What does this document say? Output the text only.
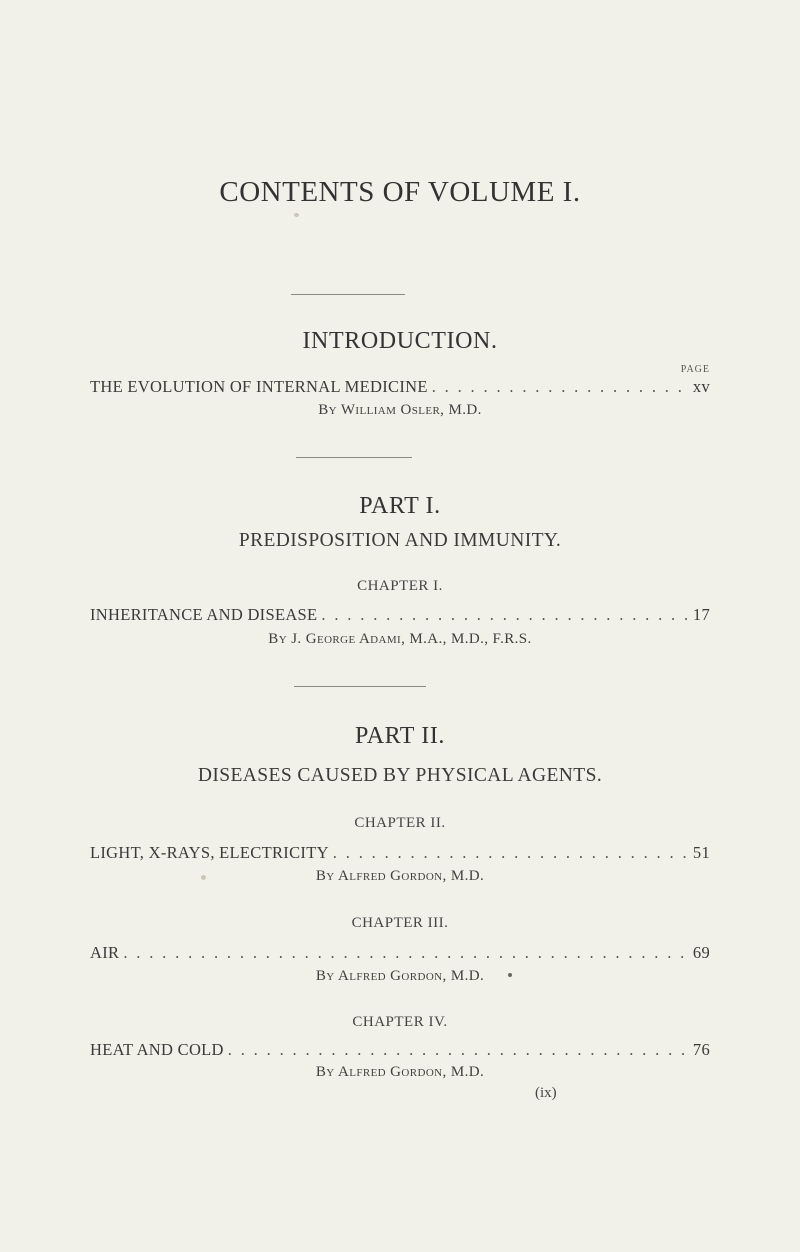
CONTENTS OF VOLUME I.
INTRODUCTION.
PAGE
THE EVOLUTION OF INTERNAL MEDICINE . . .	xv
By William Osler, M.D.
PART I.
PREDISPOSITION AND IMMUNITY.
CHAPTER I.
INHERITANCE AND DISEASE . . .	17
By J. George Adami, M.A., M.D., F.R.S.
PART II.
DISEASES CAUSED BY PHYSICAL AGENTS.
CHAPTER II.
LIGHT, X-RAYS, ELECTRICITY . . .	51
By Alfred Gordon, M.D.
CHAPTER III.
AIR . . .	69
By Alfred Gordon, M.D.
CHAPTER IV.
HEAT AND COLD . . .	76
By Alfred Gordon, M.D.
(ix)
